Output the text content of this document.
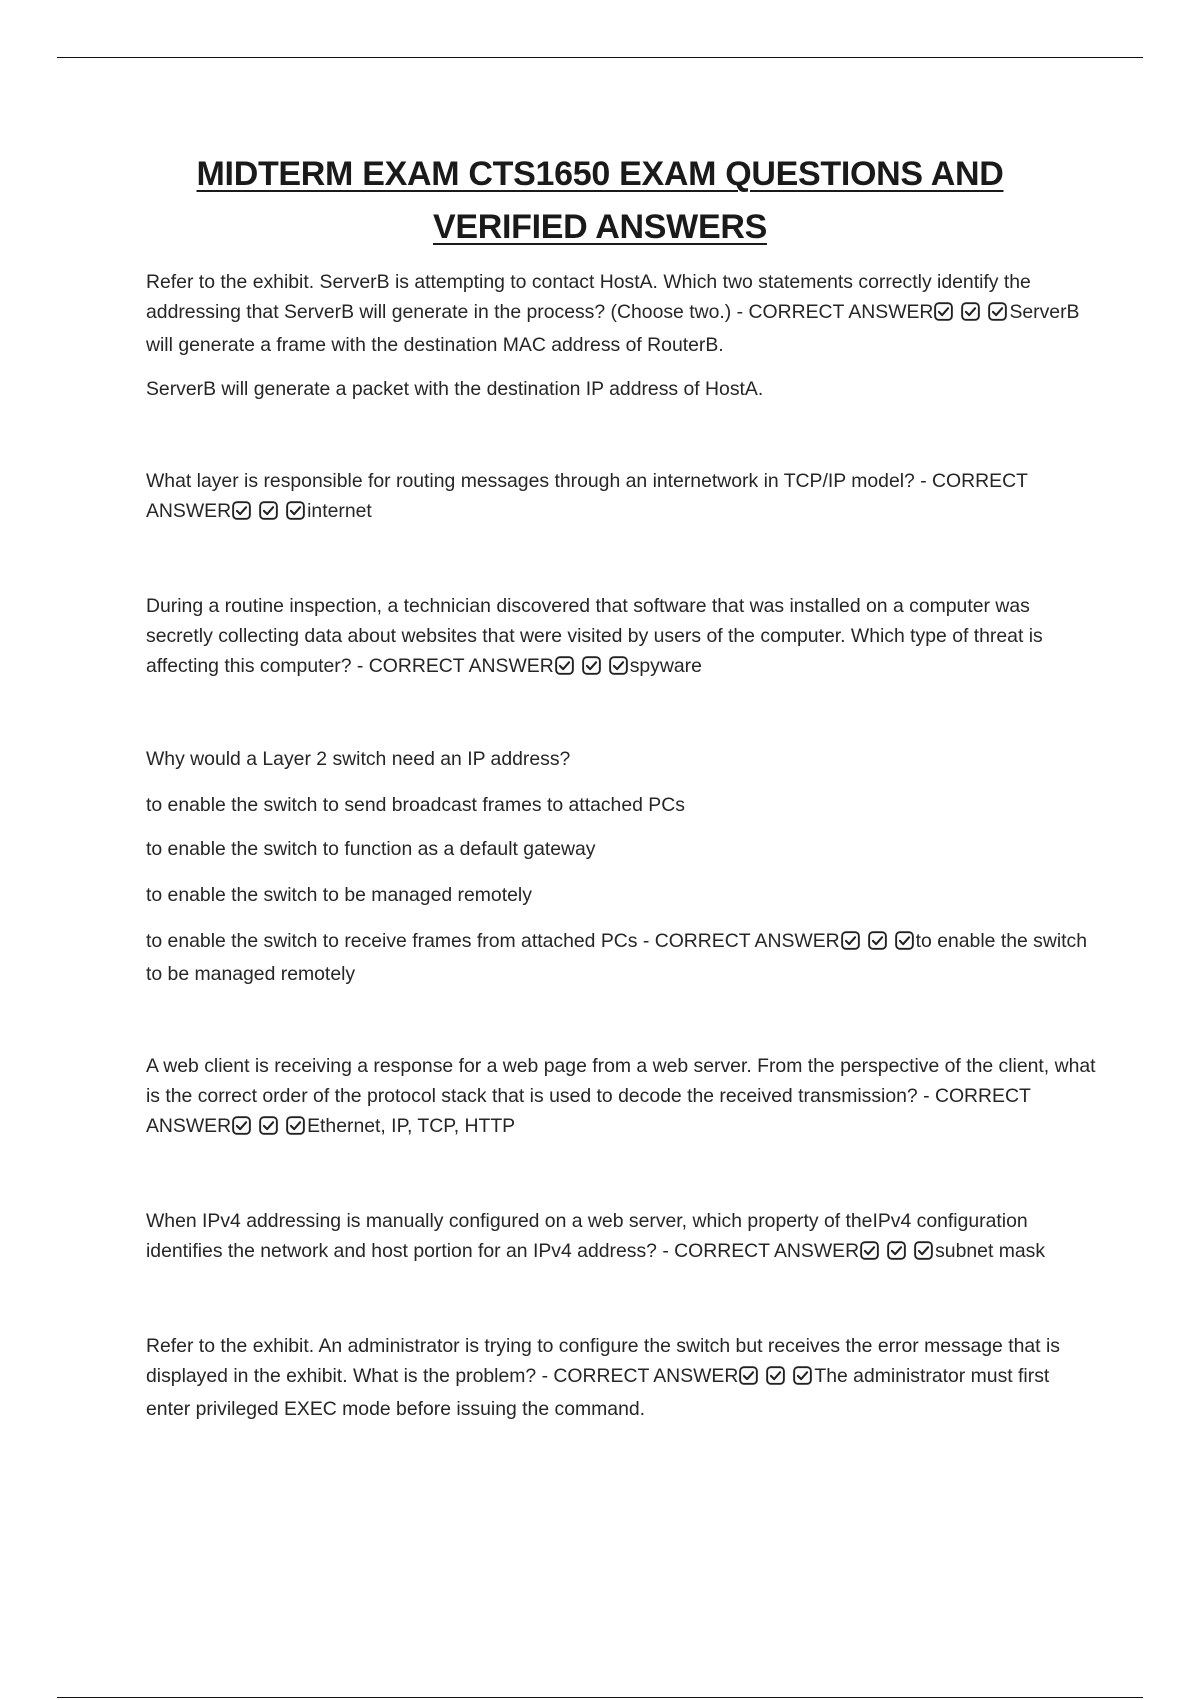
MIDTERM EXAM CTS1650 EXAM QUESTIONS AND VERIFIED ANSWERS

Refer to the exhibit. ServerB is attempting to contact HostA. Which two statements correctly identify the addressing that ServerB will generate in the process? (Choose two.) - CORRECT ANSWER	ServerB will generate a frame with the destination MAC address of RouterB.

ServerB will generate a packet with the destination IP address of HostA.

What layer is responsible for routing messages through an internetwork in TCP/IP model? - CORRECT ANSWER	internet

During a routine inspection, a technician discovered that software that was installed on a computer was secretly collecting data about websites that were visited by users of the computer. Which type of threat is affecting this computer? - CORRECT ANSWER	spyware

Why would a Layer 2 switch need an IP address?

to enable the switch to send broadcast frames to attached PCs

to enable the switch to function as a default gateway

to enable the switch to be managed remotely

to enable the switch to receive frames from attached PCs - CORRECT ANSWER	to enable the switch to be managed remotely

A web client is receiving a response for a web page from a web server. From the perspective of the client, what is the correct order of the protocol stack that is used to decode the received transmission? - CORRECT ANSWER	Ethernet, IP, TCP, HTTP

When IPv4 addressing is manually configured on a web server, which property of theIPv4 configuration identifies the network and host portion for an IPv4 address? - CORRECT ANSWER	subnet mask

Refer to the exhibit. An administrator is trying to configure the switch but receives the error message that is displayed in the exhibit. What is the problem? - CORRECT ANSWER	The administrator must first enter privileged EXEC mode before issuing the command.
